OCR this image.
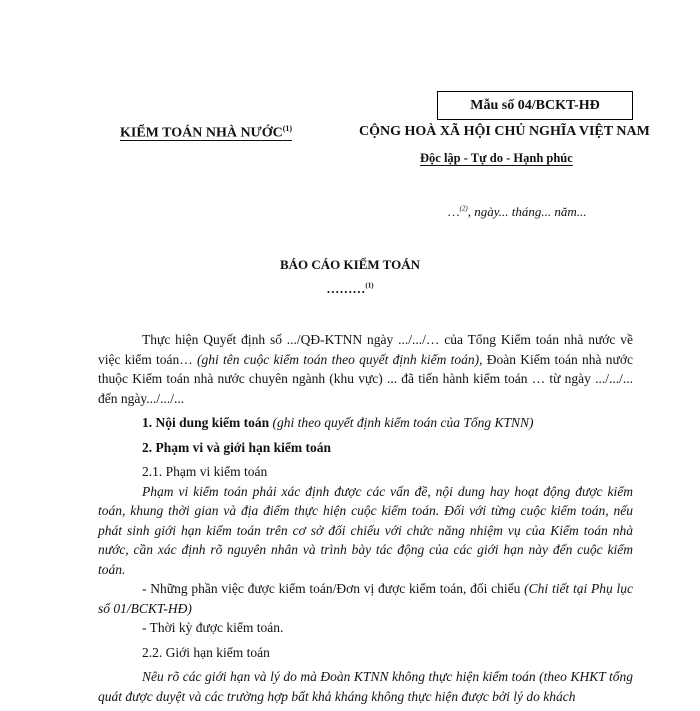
Mẫu số 04/BCKT-HĐ
KIỂM TOÁN NHÀ NƯỚC$^{(1)}$	CỘNG HOÀ XÃ HỘI CHỦ NGHĨA VIỆT NAM
Độc lập - Tự do - Hạnh phúc
…$^{(2)}$, ngày... tháng... năm...
BÁO CÁO KIỂM TOÁN
………$^{(1)}$

Thực hiện Quyết định số .../QĐ-KTNN ngày .../.../… của Tổng Kiểm toán nhà nước về việc kiểm toán… (ghi tên cuộc kiểm toán theo quyết định kiểm toán), Đoàn Kiểm toán nhà nước thuộc Kiểm toán nhà nước chuyên ngành (khu vực) ... đã tiến hành kiểm toán … từ ngày .../.../... đến ngày.../.../...

1. Nội dung kiểm toán (ghi theo quyết định kiểm toán của Tổng KTNN)

2. Phạm vi và giới hạn kiểm toán

2.1. Phạm vi kiểm toán

Phạm vi kiểm toán phải xác định được các vấn đề, nội dung hay hoạt động được kiểm toán, khung thời gian và địa điểm thực hiện cuộc kiểm toán. Đối với từng cuộc kiểm toán, nếu phát sinh giới hạn kiểm toán trên cơ sở đối chiếu với chức năng nhiệm vụ của Kiểm toán nhà nước, cần xác định rõ nguyên nhân và trình bày tác động của các giới hạn này đến cuộc kiểm toán.

- Những phần việc được kiểm toán/Đơn vị được kiểm toán, đối chiếu (Chi tiết tại Phụ lục số 01/BCKT-HĐ)

- Thời kỳ được kiểm toán.

2.2. Giới hạn kiểm toán

Nêu rõ các giới hạn và lý do mà Đoàn KTNN không thực hiện kiểm toán (theo KHKT tổng quát được duyệt và các trường hợp bất khả kháng không thực hiện được bởi lý do khách
